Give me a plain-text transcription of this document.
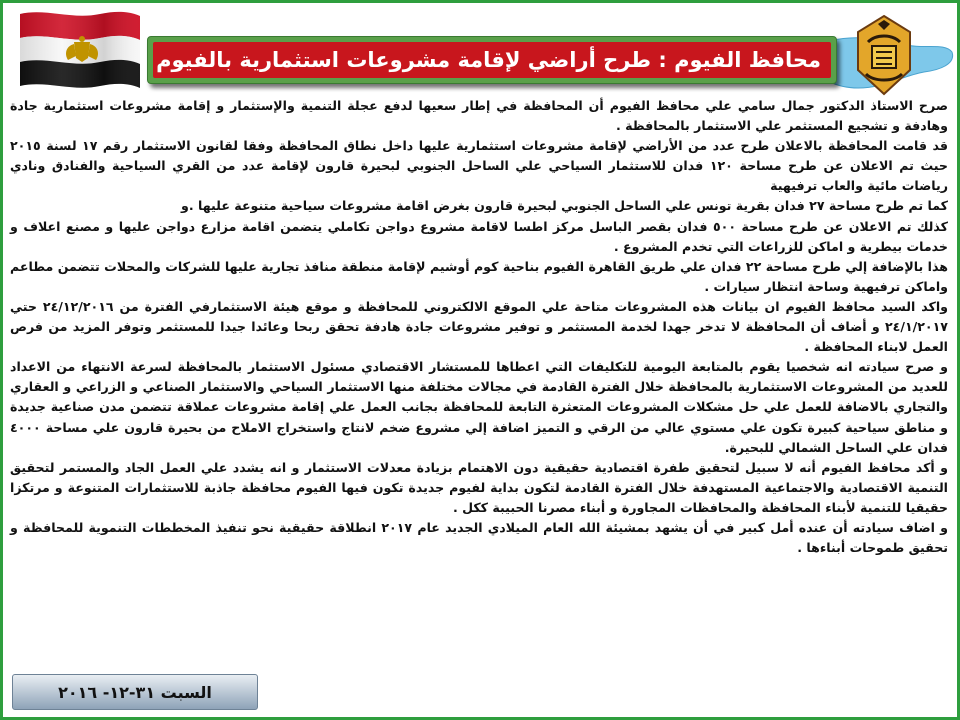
محافظ الفيوم : طرح أراضي لإقامة مشروعات استثمارية بالفيوم

صرح الاستاذ الدكتور جمال سامي علي محافظ الفيوم أن المحافظة في إطار سعيها لدفع عجلة التنمية والإستثمار و إقامة مشروعات استثمارية جادة وهادفة و تشجيع المستثمر علي الاستثمار بالمحافظة .

قد قامت المحافظة بالاعلان طرح عدد من الأراضي لإقامة مشروعات استثمارية عليها داخل نطاق المحافظة وفقا لقانون الاستثمار رقم ١٧ لسنة ٢٠١٥ حيث تم الاعلان عن طرح مساحة ١٢٠ فدان للاستثمار السياحي علي الساحل الجنوبي لبحيرة قارون لإقامة عدد من القري السياحية والفنادق ونادي رياضات مائية والعاب ترفيهية

كما تم طرح مساحة ٢٧ فدان بقرية تونس علي الساحل الجنوبي لبحيرة قارون بغرض اقامة مشروعات سياحية متنوعة عليها .و

كذلك تم الاعلان عن طرح مساحة ٥٠٠ فدان بقصر الباسل مركز اطسا لاقامة مشروع دواجن تكاملي يتضمن اقامة مزارع دواجن عليها و مصنع اعلاف و خدمات بيطرية و اماكن للزراعات التي تخدم المشروع .

هذا بالإضافة إلي طرح مساحة ٢٢ فدان علي طريق القاهرة الفيوم بناحية كوم أوشيم لإقامة منطقة منافذ تجارية عليها للشركات والمحلات تتضمن مطاعم واماكن ترفيهية وساحة انتظار سيارات .

واكد السيد محافظ الفيوم ان بيانات هذه المشروعات متاحة علي الموقع الالكتروني للمحافظة و موقع هيئة الاستثمارفي الفترة من ٢٤/١٢/٢٠١٦ حتي ٢٤/١/٢٠١٧ و أضاف أن المحافظة لا تدخر جهدا لخدمة المستثمر و توفير مشروعات جادة هادفة تحقق ربحا وعائدا جيدا للمستثمر وتوفر المزيد من فرص العمل لابناء المحافظة .

و صرح سيادته انه شخصيا يقوم بالمتابعة اليومية للتكليفات التي اعطاها للمستشار الاقتصادي مسئول الاستثمار بالمحافظة لسرعة الانتهاء من الاعداد للعديد من المشروعات الاستثمارية بالمحافظة خلال الفترة القادمة في مجالات مختلفة منها الاستثمار السياحي والاستثمار الصناعي و الزراعي و العقاري والتجاري بالاضافة للعمل علي حل مشكلات المشروعات المتعثرة التابعة للمحافظة بجانب العمل علي إقامة مشروعات عملاقة تتضمن مدن صناعية جديدة و مناطق سياحية كبيرة تكون علي مستوي عالي من الرقي و التميز اضافة إلي مشروع ضخم لانتاج واستخراج الاملاح من بحيرة قارون علي مساحة ٤٠٠٠ فدان علي الساحل الشمالي للبحيرة.

و أكد محافظ الفيوم أنه لا سبيل لتحقيق طفرة اقتصادية حقيقية دون الاهتمام بزيادة معدلات الاستثمار و انه يشدد علي العمل الجاد والمستمر لتحقيق التنمية الاقتصادية والاجتماعية المستهدفة خلال الفترة القادمة لتكون بداية لفيوم جديدة تكون فيها الفيوم محافظة جاذبة للاستثمارات المتنوعة و مرتكزا حقيقيا للتنمية لأبناء المحافظة والمحافظات المجاورة و أبناء مصرنا الحبيبة ككل .

و اضاف سيادته أن عنده أمل كبير في أن يشهد بمشيئة الله العام الميلادي الجديد عام ٢٠١٧ انطلاقة حقيقية نحو تنفيذ المخططات التنموية للمحافظة و تحقيق طموحات أبناءها .

السبت ٣١-١٢- ٢٠١٦
